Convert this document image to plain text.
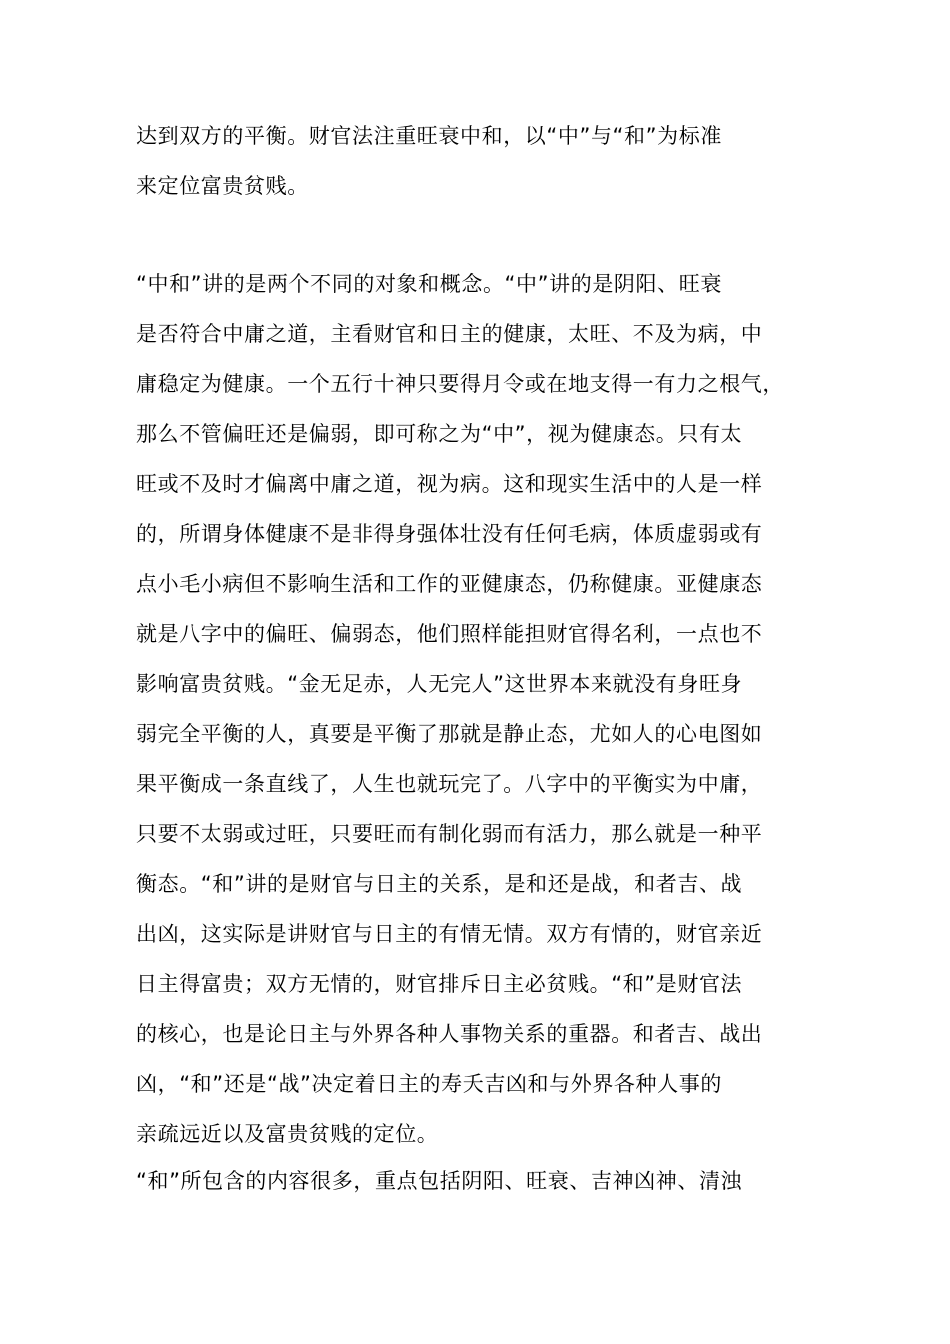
达到双方的平衡。财官法注重旺衰中和，以“中”与“和”为标准
来定位富贵贫贱。
“中和”讲的是两个不同的对象和概念。“中”讲的是阴阳、旺衰
是否符合中庸之道，主看财官和日主的健康，太旺、不及为病，中
庸稳定为健康。一个五行十神只要得月令或在地支得一有力之根气，
那么不管偏旺还是偏弱，即可称之为“中”，视为健康态。只有太
旺或不及时才偏离中庸之道，视为病。这和现实生活中的人是一样
的，所谓身体健康不是非得身强体壮没有任何毛病，体质虚弱或有
点小毛小病但不影响生活和工作的亚健康态，仍称健康。亚健康态
就是八字中的偏旺、偏弱态，他们照样能担财官得名利，一点也不
影响富贵贫贱。“金无足赤，人无完人”这世界本来就没有身旺身
弱完全平衡的人，真要是平衡了那就是静止态，尤如人的心电图如
果平衡成一条直线了，人生也就玩完了。八字中的平衡实为中庸，
只要不太弱或过旺，只要旺而有制化弱而有活力，那么就是一种平
衡态。“和”讲的是财官与日主的关系，是和还是战，和者吉、战
出凶，这实际是讲财官与日主的有情无情。双方有情的，财官亲近
日主得富贵；双方无情的，财官排斥日主必贫贱。“和”是财官法
的核心，也是论日主与外界各种人事物关系的重器。和者吉、战出
凶，“和”还是“战”决定着日主的寿夭吉凶和与外界各种人事的
亲疏远近以及富贵贫贱的定位。
“和”所包含的内容很多，重点包括阴阳、旺衰、吉神凶神、清浊
